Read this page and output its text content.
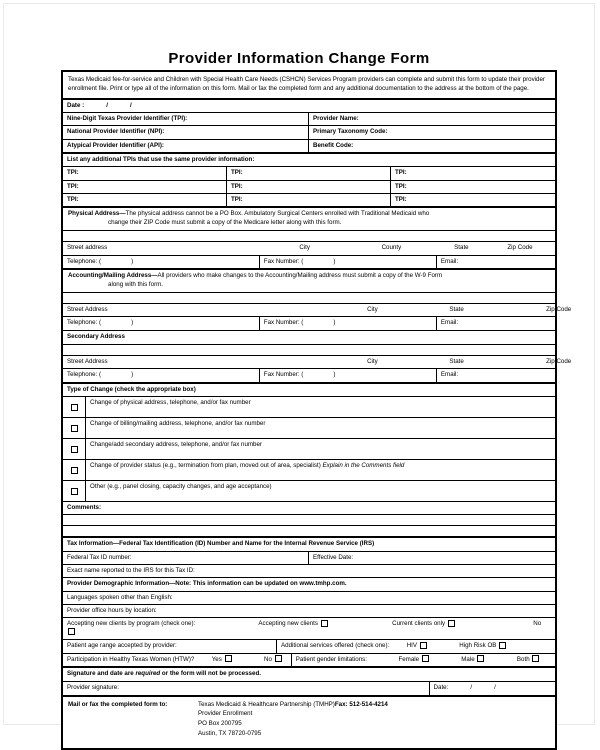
Provider Information Change Form
Texas Medicaid fee-for-service and Children with Special Health Care Needs (CSHCN) Services Program providers can complete and submit this form to update their provider enrollment file. Print or type all of the information on this form. Mail or fax the completed form and any additional documentation to the address at the bottom of the page.
Date :	/	/
Nine-Digit Texas Provider Identifier (TPI):	Provider Name:
National Provider Identifier (NPI):	Primary Taxonomy Code:
Atypical Provider Identifier (API):	Benefit Code:
List any additional TPIs that use the same provider information:
TPI:	TPI:	TPI:
TPI:	TPI:	TPI:
TPI:	TPI:	TPI:
Physical Address—The physical address cannot be a PO Box. Ambulatory Surgical Centers enrolled with Traditional Medicaid who
change their ZIP Code must submit a copy of the Medicare letter along with this form.
Street address	City	County	State	Zip Code
Telephone: (	)	Fax Number: (	)	Email:
Accounting/Mailing Address—All providers who make changes to the Accounting/Mailing address must submit a copy of the W-9 Form
along with this form.
Street Address	City	State	Zip Code
Telephone: (	)	Fax Number: (	)	Email:
Secondary Address
Street Address	City	State	Zip Code
Telephone: (	)	Fax Number: (	)	Email:
Type of Change (check the appropriate box)
Change of physical address, telephone, and/or fax number
Change of billing/mailing address, telephone, and/or fax number
Change/add secondary address, telephone, and/or fax number
Change of provider status (e.g., termination from plan, moved out of area, specialist) Explain in the Comments field
Other (e.g., panel closing, capacity changes, and age acceptance)
Comments:
Tax Information—Federal Tax Identification (ID) Number and Name for the Internal Revenue Service (IRS)
Federal Tax ID number:	Effective Date:
Exact name reported to the IRS for this Tax ID:
Provider Demographic Information—Note: This information can be updated on www.tmhp.com.
Languages spoken other than English:
Provider office hours by location:
Accepting new clients by program (check one):	Accepting new clients	Current clients only	No
Patient age range accepted by provider:	Additional services offered (check one):	HIV	High Risk OB
Participation in Healthy Texas Women (HTW)?	Yes	No	Patient gender limitations:	Female	Male	Both
Signature and date are required or the form will not be processed.
Provider signature:	Date:	/	/
Mail or fax the completed form to:	Texas Medicaid & Healthcare Partnership (TMHP)
Provider Enrollment
PO Box 200795
Austin, TX 78720-0795
Fax: 512-514-4214
